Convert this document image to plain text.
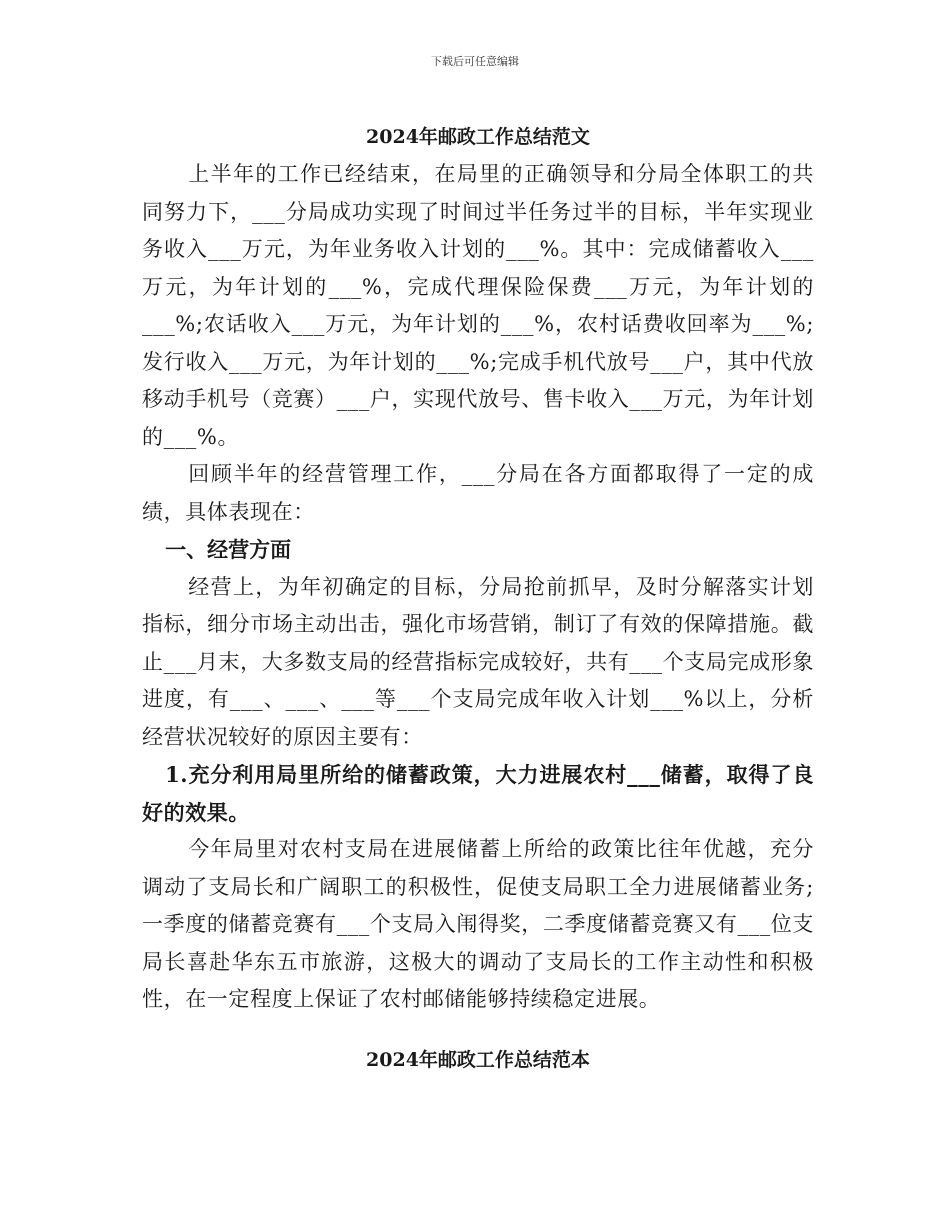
下载后可任意编辑
2024年邮政工作总结范文

上半年的工作已经结束，在局里的正确领导和分局全体职工的共同努力下，___分局成功实现了时间过半任务过半的目标，半年实现业务收入___万元，为年业务收入计划的___%。其中：完成储蓄收入___万元，为年计划的___%，完成代理保险保费___万元，为年计划的___%;农话收入___万元，为年计划的___%，农村话费收回率为___%;发行收入___万元，为年计划的___%;完成手机代放号___户，其中代放移动手机号（竞赛）___户，实现代放号、售卡收入___万元，为年计划的___%。

回顾半年的经营管理工作，___分局在各方面都取得了一定的成绩，具体表现在：

一、经营方面

经营上，为年初确定的目标，分局抢前抓早，及时分解落实计划指标，细分市场主动出击，强化市场营销，制订了有效的保障措施。截止___月末，大多数支局的经营指标完成较好，共有___个支局完成形象进度，有___、___、___等___个支局完成年收入计划___%以上，分析经营状况较好的原因主要有：

1.充分利用局里所给的储蓄政策，大力进展农村___储蓄，取得了良好的效果。

今年局里对农村支局在进展储蓄上所给的政策比往年优越，充分调动了支局长和广阔职工的积极性，促使支局职工全力进展储蓄业务;一季度的储蓄竞赛有___个支局入闱得奖，二季度储蓄竞赛又有___位支局长喜赴华东五市旅游，这极大的调动了支局长的工作主动性和积极性，在一定程度上保证了农村邮储能够持续稳定进展。

2024年邮政工作总结范本
